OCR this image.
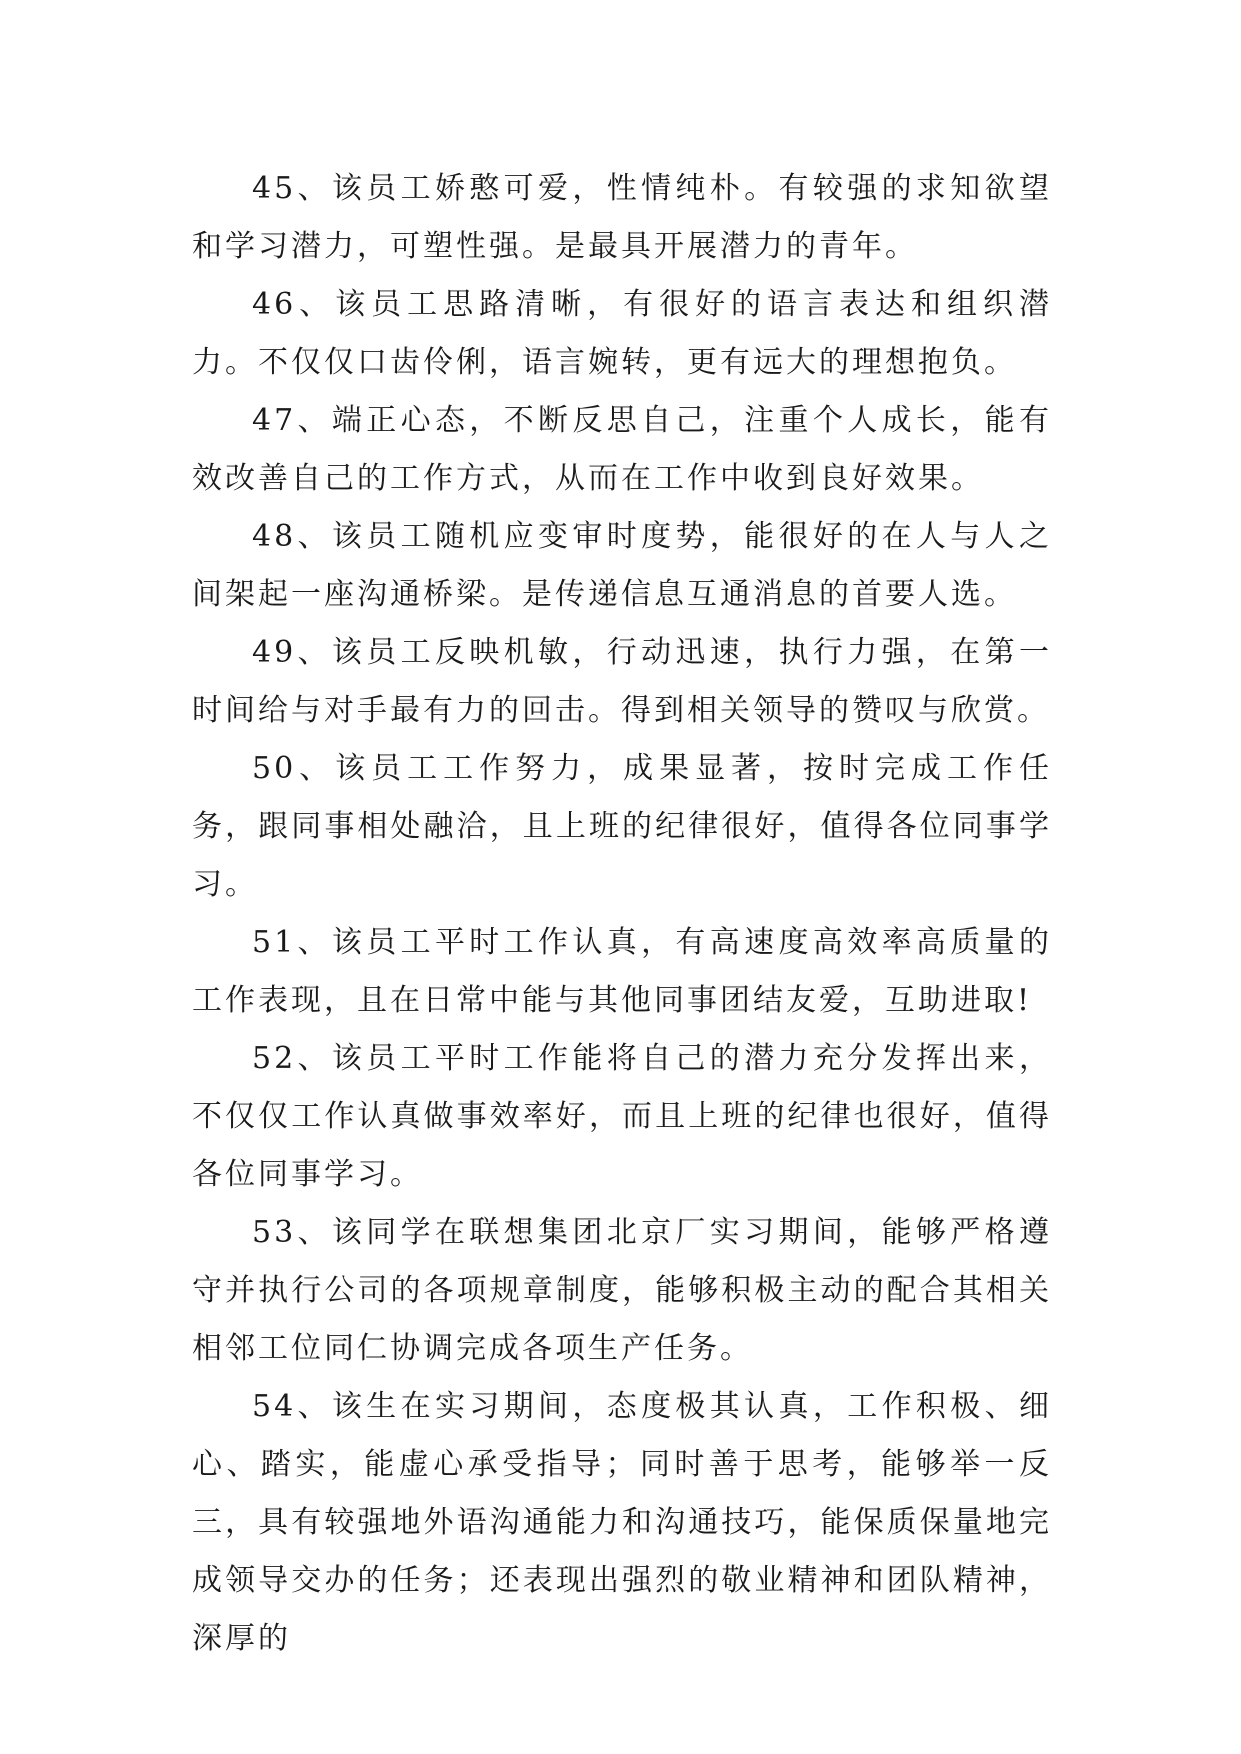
45、该员工娇憨可爱，性情纯朴。有较强的求知欲望和学习潜力，可塑性强。是最具开展潜力的青年。

46、该员工思路清晰，有很好的语言表达和组织潜力。不仅仅口齿伶俐，语言婉转，更有远大的理想抱负。

47、端正心态，不断反思自己，注重个人成长，能有效改善自己的工作方式，从而在工作中收到良好效果。

48、该员工随机应变审时度势，能很好的在人与人之间架起一座沟通桥梁。是传递信息互通消息的首要人选。

49、该员工反映机敏，行动迅速，执行力强，在第一时间给与对手最有力的回击。得到相关领导的赞叹与欣赏。

50、该员工工作努力，成果显著，按时完成工作任务，跟同事相处融洽，且上班的纪律很好，值得各位同事学习。

51、该员工平时工作认真，有高速度高效率高质量的工作表现，且在日常中能与其他同事团结友爱，互助进取!

52、该员工平时工作能将自己的潜力充分发挥出来，不仅仅工作认真做事效率好，而且上班的纪律也很好，值得各位同事学习。

53、该同学在联想集团北京厂实习期间，能够严格遵守并执行公司的各项规章制度，能够积极主动的配合其相关相邻工位同仁协调完成各项生产任务。

54、该生在实习期间，态度极其认真，工作积极、细心、踏实，能虚心承受指导；同时善于思考，能够举一反三，具有较强地外语沟通能力和沟通技巧，能保质保量地完成领导交办的任务；还表现出强烈的敬业精神和团队精神，深厚的
